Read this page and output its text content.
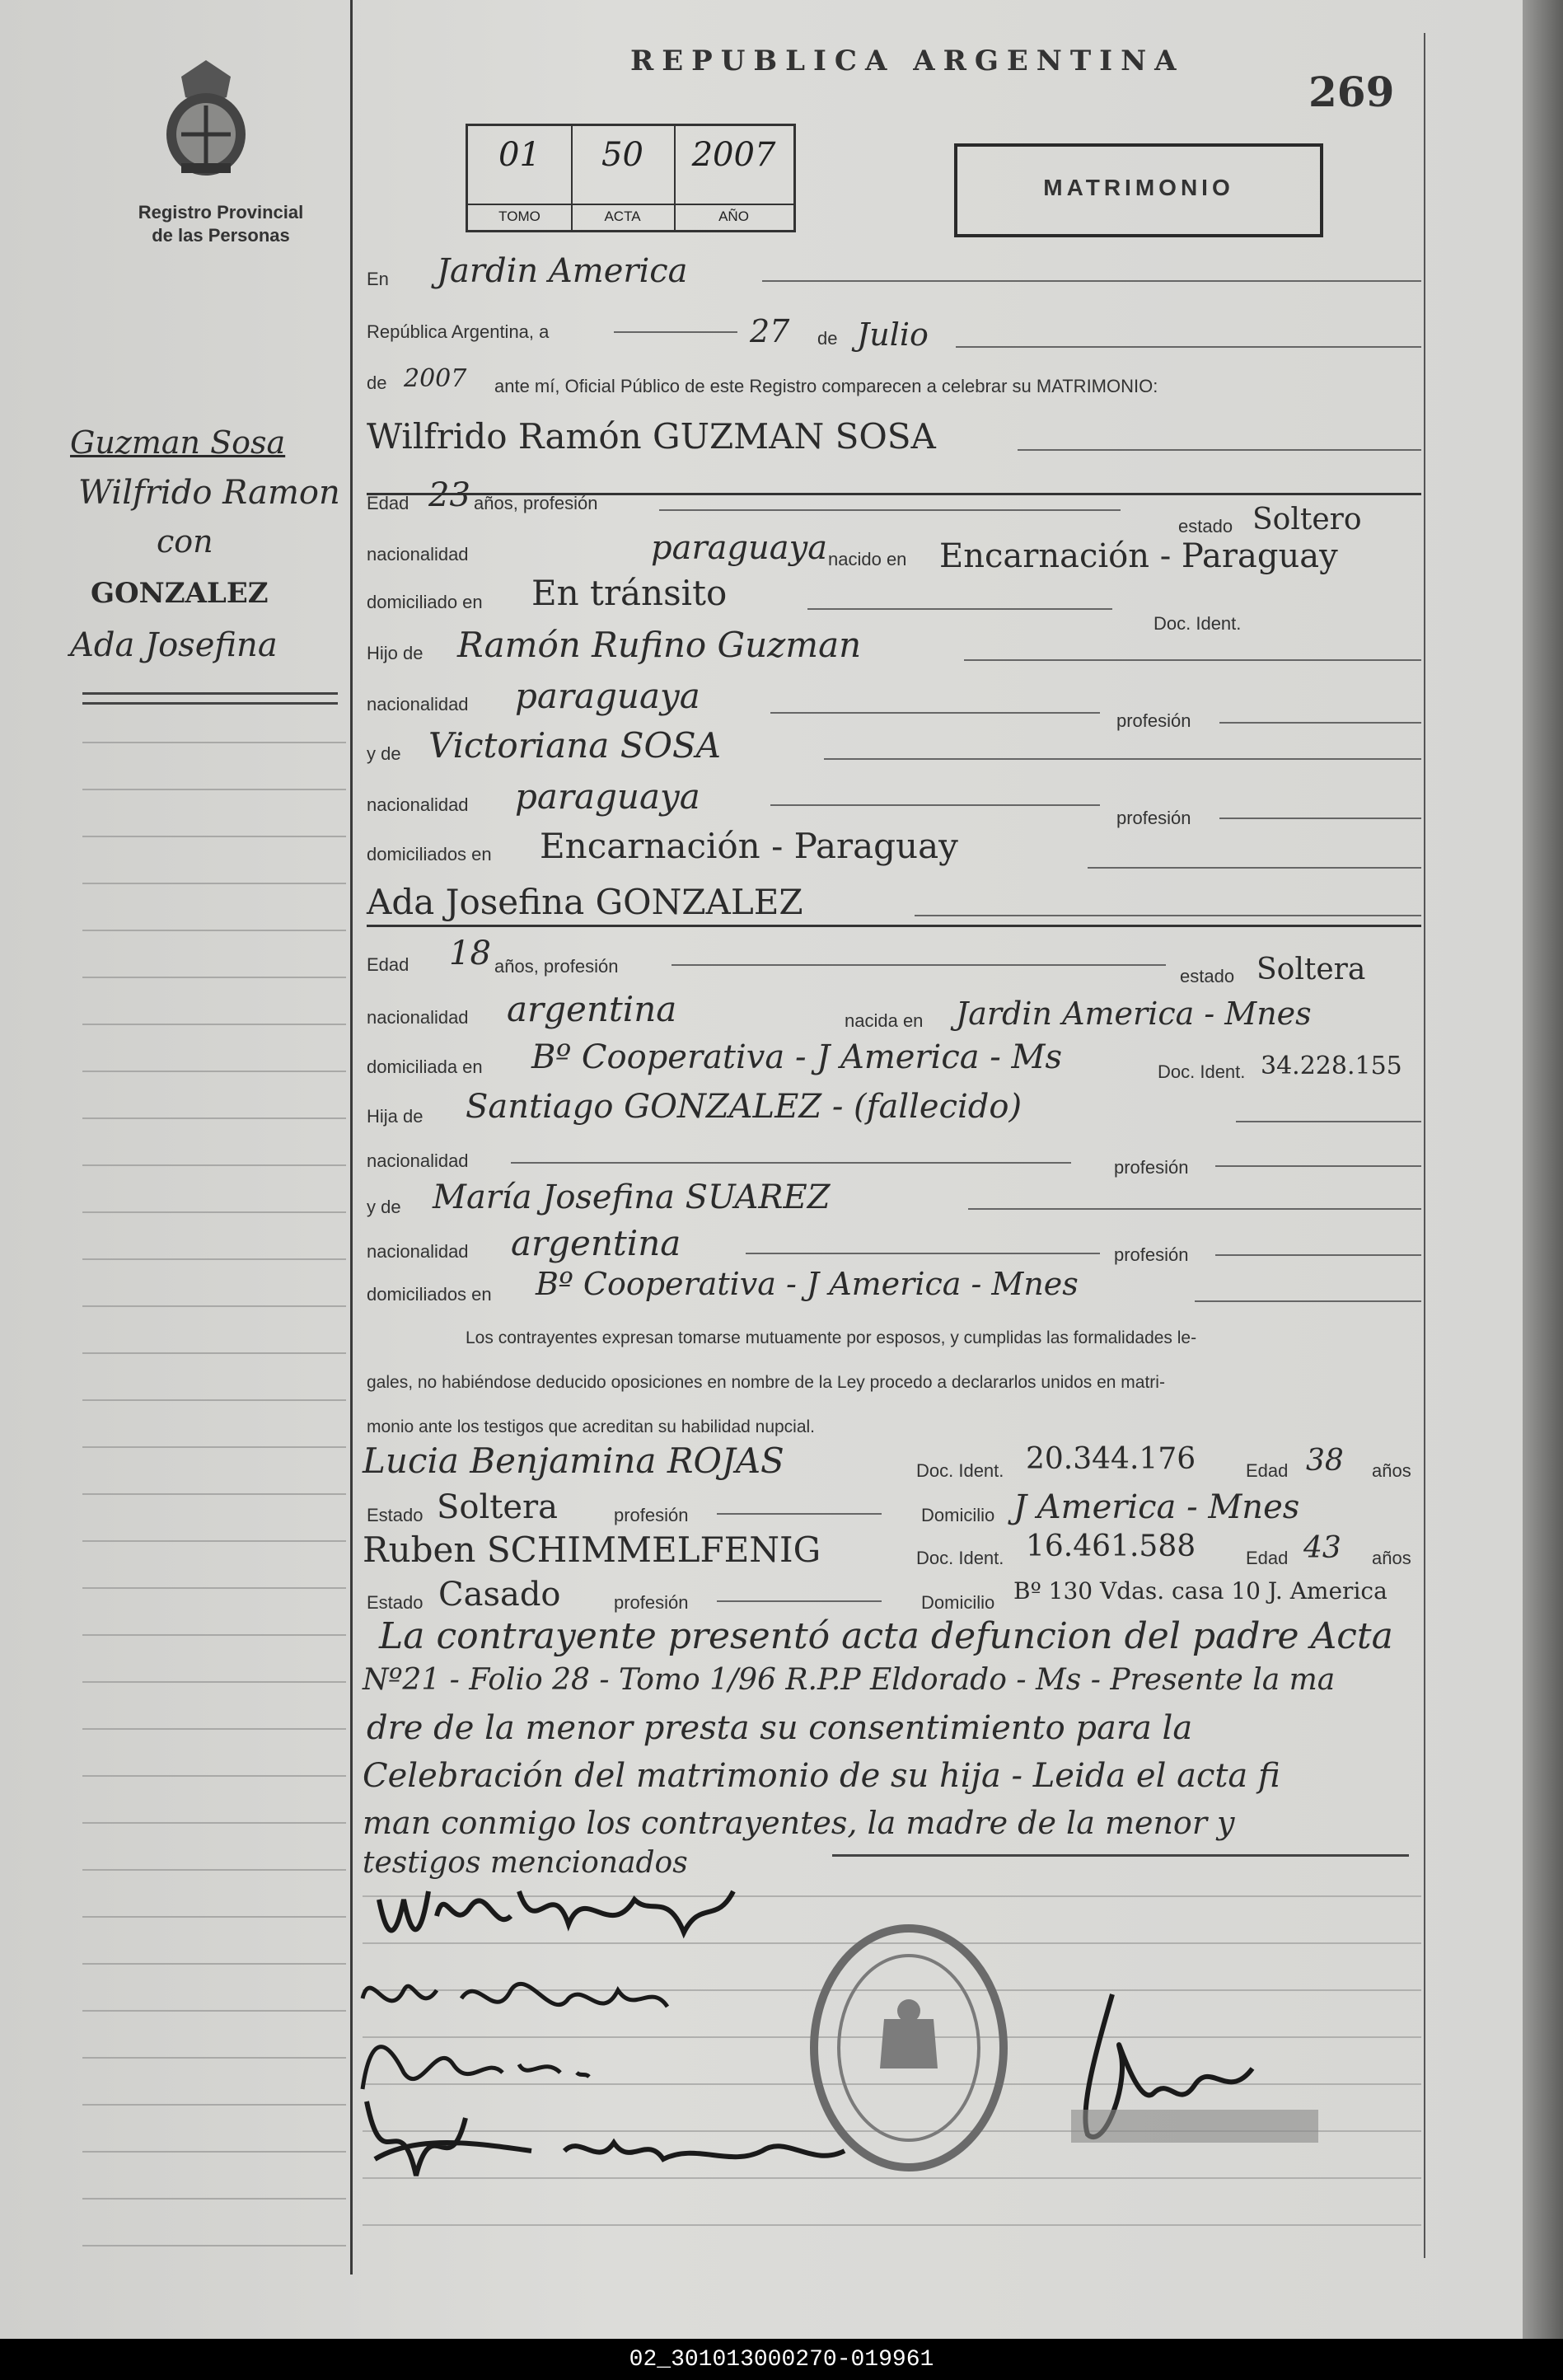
Registro Provincial
de las Personas
REPUBLICA ARGENTINA
269
01
TOMO
50
ACTA
2007
AÑO
MATRIMONIO
Guzman Sosa
Wilfrido Ramon
con
GONZALEZ
Ada Josefina
En Jardin America
República Argentina, a	27 de Julio
de 2007 ante mí, Oficial Público de este Registro comparecen a celebrar su MATRIMONIO:
Wilfrido Ramón GUZMAN SOSA
Edad 23 años, profesión
estado Soltero
nacionalidad	paraguaya nacido en Encarnación - Paraguay
domiciliado en En tránsito
Doc. Ident.
Hijo de Ramón Rufino Guzman
nacionalidad paraguaya
profesión
y de Victoriana SOSA
nacionalidad paraguaya
profesión
domiciliados en Encarnación - Paraguay
Ada Josefina GONZALEZ
Edad 18 años, profesión	estado Soltera
nacionalidad argentina	nacida en Jardin America - Mnes
domiciliada en Bº Cooperativa - J America - Ms	Doc. Ident. 34.228.155
Hija de Santiago GONZALEZ - (fallecido)
nacionalidad	profesión
y de María Josefina SUAREZ
nacionalidad argentina	profesión
domiciliados en Bº Cooperativa - J America - Mnes
Los contrayentes expresan tomarse mutuamente por esposos, y cumplidas las formalidades le-
gales, no habiéndose deducido oposiciones en nombre de la Ley procedo a declararlos unidos en matri-
monio ante los testigos que acreditan su habilidad nupcial.
Lucia Benjamina ROJAS	Doc. Ident. 20.344.176	Edad 38 años
Estado Soltera	profesión	Domicilio J America - Mnes
Ruben SCHIMMELFENIG	Doc. Ident. 16.461.588	Edad 43 años
Estado Casado	profesión	Domicilio Bº 130 Vdas. casa 10 J. America
La contrayente presentó acta defuncion del padre Acta
Nº21 - Folio 28 - Tomo 1/96 R.P.P Eldorado - Ms - Presente la ma
dre de la menor presta su consentimiento para la
Celebración del matrimonio de su hija - Leida el acta fi
man conmigo los contrayentes, la madre de la menor y
testigos mencionados
02_301013000270-019961
